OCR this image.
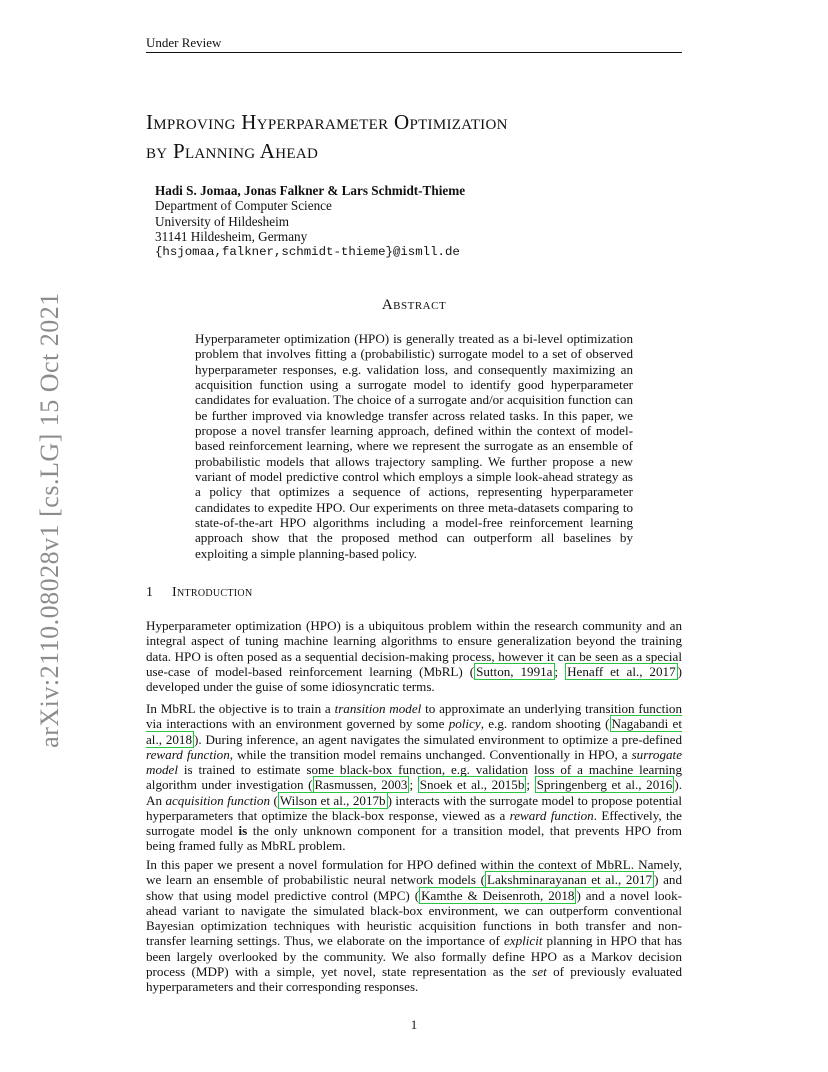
Under Review
arXiv:2110.08028v1 [cs.LG] 15 Oct 2021
Improving Hyperparameter Optimization
by Planning Ahead
Hadi S. Jomaa, Jonas Falkner & Lars Schmidt-Thieme
Department of Computer Science
University of Hildesheim
31141 Hildesheim, Germany
{hsjomaa,falkner,schmidt-thieme}@ismll.de
Abstract
Hyperparameter optimization (HPO) is generally treated as a bi-level optimization problem that involves fitting a (probabilistic) surrogate model to a set of observed hyperparameter responses, e.g. validation loss, and consequently maximizing an acquisition function using a surrogate model to identify good hyperparameter candidates for evaluation. The choice of a surrogate and/or acquisition function can be further improved via knowledge transfer across related tasks. In this paper, we propose a novel transfer learning approach, defined within the context of model-based reinforcement learning, where we represent the surrogate as an ensemble of probabilistic models that allows trajectory sampling. We further propose a new variant of model predictive control which employs a simple look-ahead strategy as a policy that optimizes a sequence of actions, representing hyperparameter candidates to expedite HPO. Our experiments on three meta-datasets comparing to state-of-the-art HPO algorithms including a model-free reinforcement learning approach show that the proposed method can outperform all baselines by exploiting a simple planning-based policy.
1 Introduction
Hyperparameter optimization (HPO) is a ubiquitous problem within the research community and an integral aspect of tuning machine learning algorithms to ensure generalization beyond the training data. HPO is often posed as a sequential decision-making process, however it can be seen as a special use-case of model-based reinforcement learning (MbRL) ( Sutton, 1991a ; Henaff et al., 2017 ) developed under the guise of some idiosyncratic terms.
In MbRL the objective is to train a transition model to approximate an underlying transition function via interactions with an environment governed by some policy, e.g. random shooting ( Nagabandi et al., 2018 ). During inference, an agent navigates the simulated environment to optimize a pre-defined reward function, while the transition model remains unchanged. Conventionally in HPO, a surrogate model is trained to estimate some black-box function, e.g. validation loss of a machine learning algorithm under investigation ( Rasmussen, 2003 ; Snoek et al., 2015b ; Springenberg et al., 2016 ). An acquisition function ( Wilson et al., 2017b ) interacts with the surrogate model to propose potential hyperparameters that optimize the black-box response, viewed as a reward function. Effectively, the surrogate model is the only unknown component for a transition model, that prevents HPO from being framed fully as MbRL problem.
In this paper we present a novel formulation for HPO defined within the context of MbRL. Namely, we learn an ensemble of probabilistic neural network models ( Lakshminarayanan et al., 2017 ) and show that using model predictive control (MPC) ( Kamthe & Deisenroth, 2018 ) and a novel look-ahead variant to navigate the simulated black-box environment, we can outperform conventional Bayesian optimization techniques with heuristic acquisition functions in both transfer and non-transfer learning settings. Thus, we elaborate on the importance of explicit planning in HPO that has been largely overlooked by the community. We also formally define HPO as a Markov decision process (MDP) with a simple, yet novel, state representation as the set of previously evaluated hyperparameters and their corresponding responses.
1
